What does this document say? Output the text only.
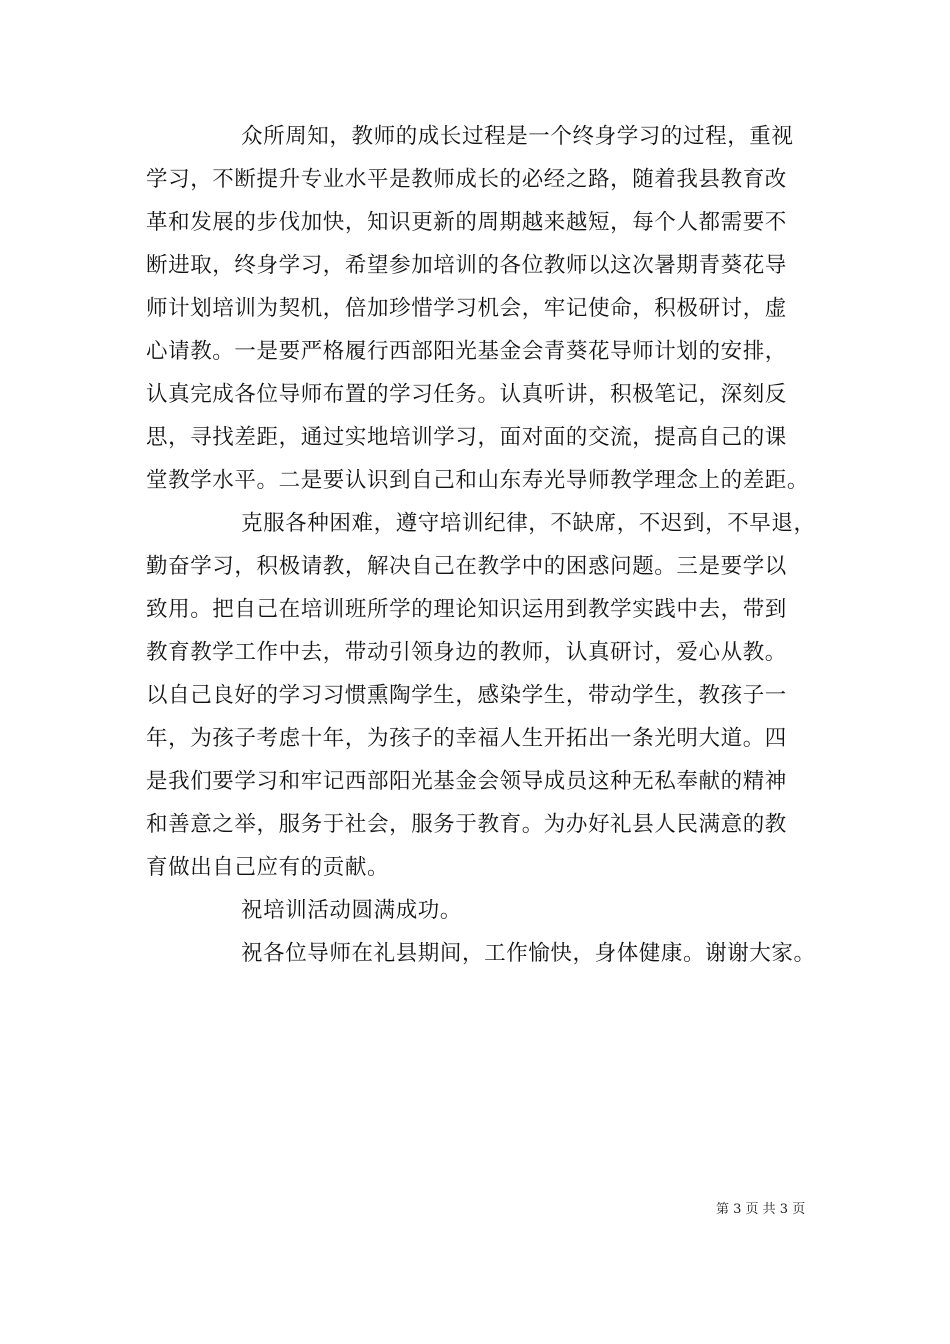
众所周知，教师的成长过程是一个终身学习的过程，重视
学习，不断提升专业水平是教师成长的必经之路，随着我县教育改
革和发展的步伐加快，知识更新的周期越来越短，每个人都需要不
断进取，终身学习，希望参加培训的各位教师以这次暑期青葵花导
师计划培训为契机，倍加珍惜学习机会，牢记使命，积极研讨，虚
心请教。一是要严格履行西部阳光基金会青葵花导师计划的安排，
认真完成各位导师布置的学习任务。认真听讲，积极笔记，深刻反
思，寻找差距，通过实地培训学习，面对面的交流，提高自己的课
堂教学水平。二是要认识到自己和山东寿光导师教学理念上的差距。
克服各种困难，遵守培训纪律，不缺席，不迟到，不早退，
勤奋学习，积极请教，解决自己在教学中的困惑问题。三是要学以
致用。把自己在培训班所学的理论知识运用到教学实践中去，带到
教育教学工作中去，带动引领身边的教师，认真研讨，爱心从教。
以自己良好的学习习惯熏陶学生，感染学生，带动学生，教孩子一
年，为孩子考虑十年，为孩子的幸福人生开拓出一条光明大道。四
是我们要学习和牢记西部阳光基金会领导成员这种无私奉献的精神
和善意之举，服务于社会，服务于教育。为办好礼县人民满意的教
育做出自己应有的贡献。
祝培训活动圆满成功。
祝各位导师在礼县期间，工作愉快，身体健康。谢谢大家。
第 3 页 共 3 页
